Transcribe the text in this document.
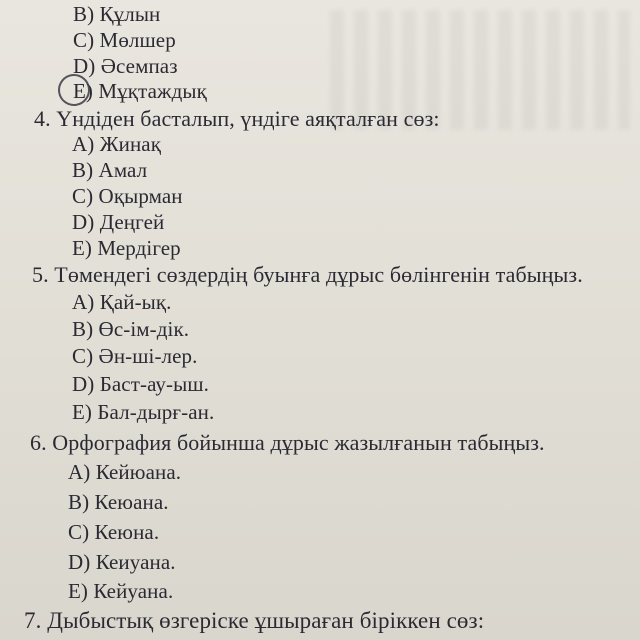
B) Құлын
C) Мөлшер
D) Әсемпаз
E) Мұқтаждық
4. Үндіден басталып, үндіге аяқталған сөз:
A) Жинақ
B) Амал
C) Оқырман
D) Деңгей
E) Мердігер
5. Төмендегі сөздердің буынға дұрыс бөлінгенін табыңыз.
A) Қай-ық.
B) Өс-ім-дік.
C) Ән-ші-лер.
D) Баст-ау-ыш.
E) Бал-дырғ-ан.
6. Орфография бойынша дұрыс жазылғанын табыңыз.
A) Кейюана.
B) Кеюана.
C) Кеюна.
D) Кеиуана.
E) Кейуана.
7. Дыбыстық өзгеріске ұшыраған біріккен сөз:
